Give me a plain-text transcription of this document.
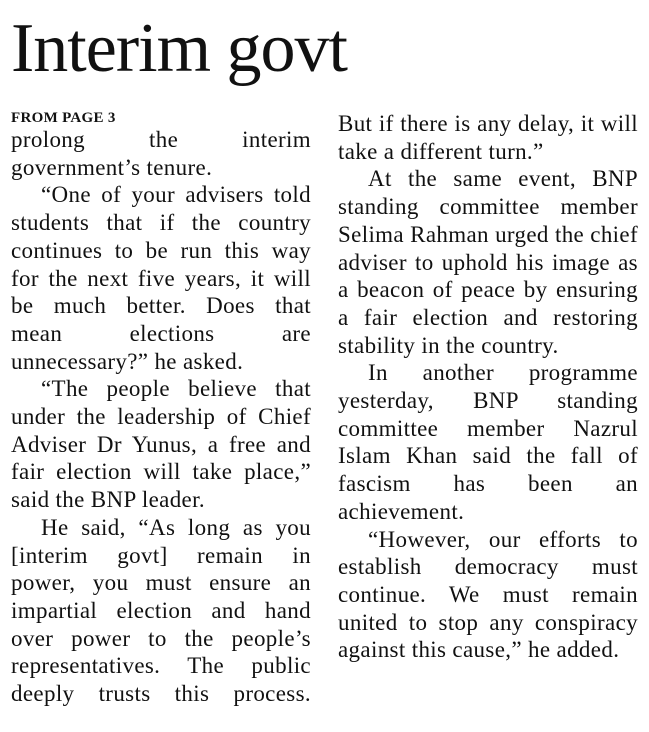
Interim govt
FROM PAGE 3

prolong the interim government’s tenure.

“One of your advisers told students that if the country continues to be run this way for the next five years, it will be much better. Does that mean elections are unnecessary?” he asked.

“The people believe that under the leadership of Chief Adviser Dr Yunus, a free and fair election will take place,” said the BNP leader.

He said, “As long as you [interim govt] remain in power, you must ensure an impartial election and hand over power to the people’s representatives. The public deeply trusts this process.

But if there is any delay, it will take a different turn.”

At the same event, BNP standing committee member Selima Rahman urged the chief adviser to uphold his image as a beacon of peace by ensuring a fair election and restoring stability in the country.

In another programme yesterday, BNP standing committee member Nazrul Islam Khan said the fall of fascism has been an achievement.

“However, our efforts to establish democracy must continue. We must remain united to stop any conspiracy against this cause,” he added.
